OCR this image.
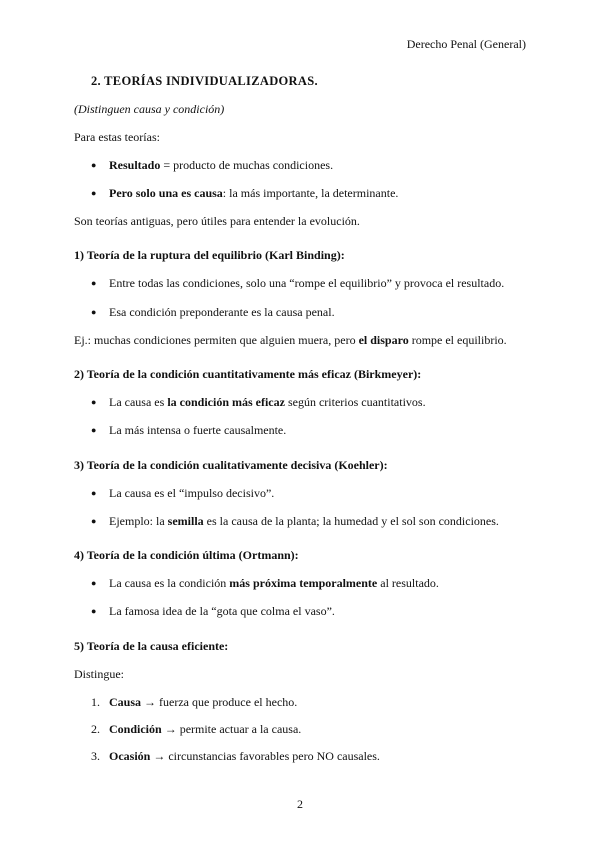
Derecho Penal (General)
2. TEORÍAS INDIVIDUALIZADORAS.
(Distinguen causa y condición)
Para estas teorías:
● Resultado = producto de muchas condiciones.
● Pero solo una es causa: la más importante, la determinante.
Son teorías antiguas, pero útiles para entender la evolución.
1) Teoría de la ruptura del equilibrio (Karl Binding):
● Entre todas las condiciones, solo una “rompe el equilibrio” y provoca el resultado.
● Esa condición preponderante es la causa penal.
Ej.: muchas condiciones permiten que alguien muera, pero el disparo rompe el equilibrio.
2) Teoría de la condición cuantitativamente más eficaz (Birkmeyer):
● La causa es la condición más eficaz según criterios cuantitativos.
● La más intensa o fuerte causalmente.
3) Teoría de la condición cualitativamente decisiva (Koehler):
● La causa es el “impulso decisivo”.
● Ejemplo: la semilla es la causa de la planta; la humedad y el sol son condiciones.
4) Teoría de la condición última (Ortmann):
● La causa es la condición más próxima temporalmente al resultado.
● La famosa idea de la “gota que colma el vaso”.
5) Teoría de la causa eficiente:
Distingue:
1. Causa → fuerza que produce el hecho.
2. Condición → permite actuar a la causa.
3. Ocasión → circunstancias favorables pero NO causales.
2
